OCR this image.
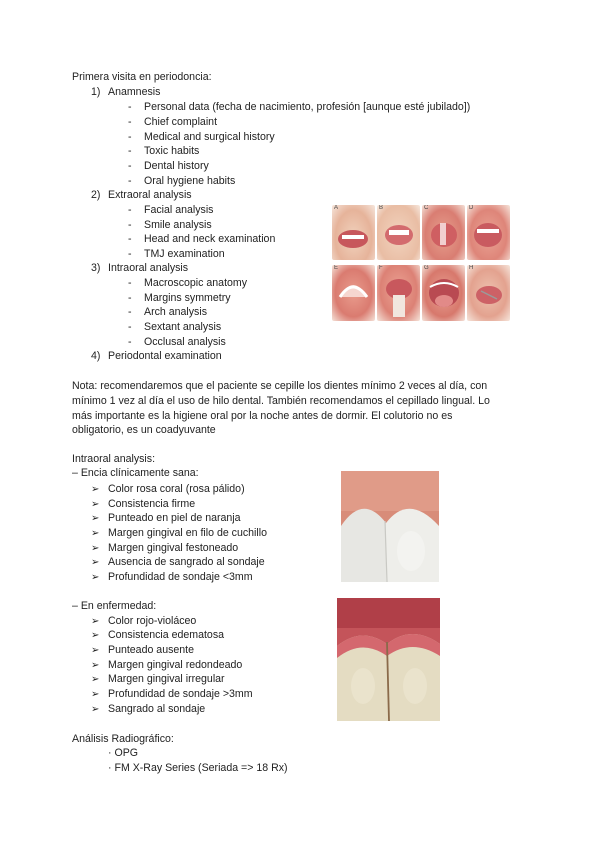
Primera visita en periodoncia:
1) Anamnesis
- Personal data (fecha de nacimiento, profesión [aunque esté jubilado])
- Chief complaint
- Medical and surgical history
- Toxic habits
- Dental history
- Oral hygiene habits
2) Extraoral analysis
- Facial analysis
- Smile analysis
- Head and neck examination
- TMJ examination
3) Intraoral analysis
- Macroscopic anatomy
- Margins symmetry
- Arch analysis
- Sextant analysis
- Occlusal analysis
4) Periodontal examination
A	B	C	D
E	F	G	H
Nota: recomendaremos que el paciente se cepille los dientes mínimo 2 veces al día, con
mínimo 1 vez al día el uso de hilo dental. También recomendamos el cepillado lingual. Lo
más importante es la higiene oral por la noche antes de dormir. El colutorio no es
obligatorio, es un coadyuvante
Intraoral analysis:
– Encia clínicamente sana:
➢ Color rosa coral (rosa pálido)
➢ Consistencia firme
➢ Punteado en piel de naranja
➢ Margen gingival en filo de cuchillo
➢ Margen gingival festoneado
➢ Ausencia de sangrado al sondaje
➢ Profundidad de sondaje <3mm
– En enfermedad:
➢ Color rojo-violáceo
➢ Consistencia edematosa
➢ Punteado ausente
➢ Margen gingival redondeado
➢ Margen gingival irregular
➢ Profundidad de sondaje >3mm
➢ Sangrado al sondaje
Análisis Radiográfico:
· OPG
· FM X-Ray Series (Seriada => 18 Rx)
